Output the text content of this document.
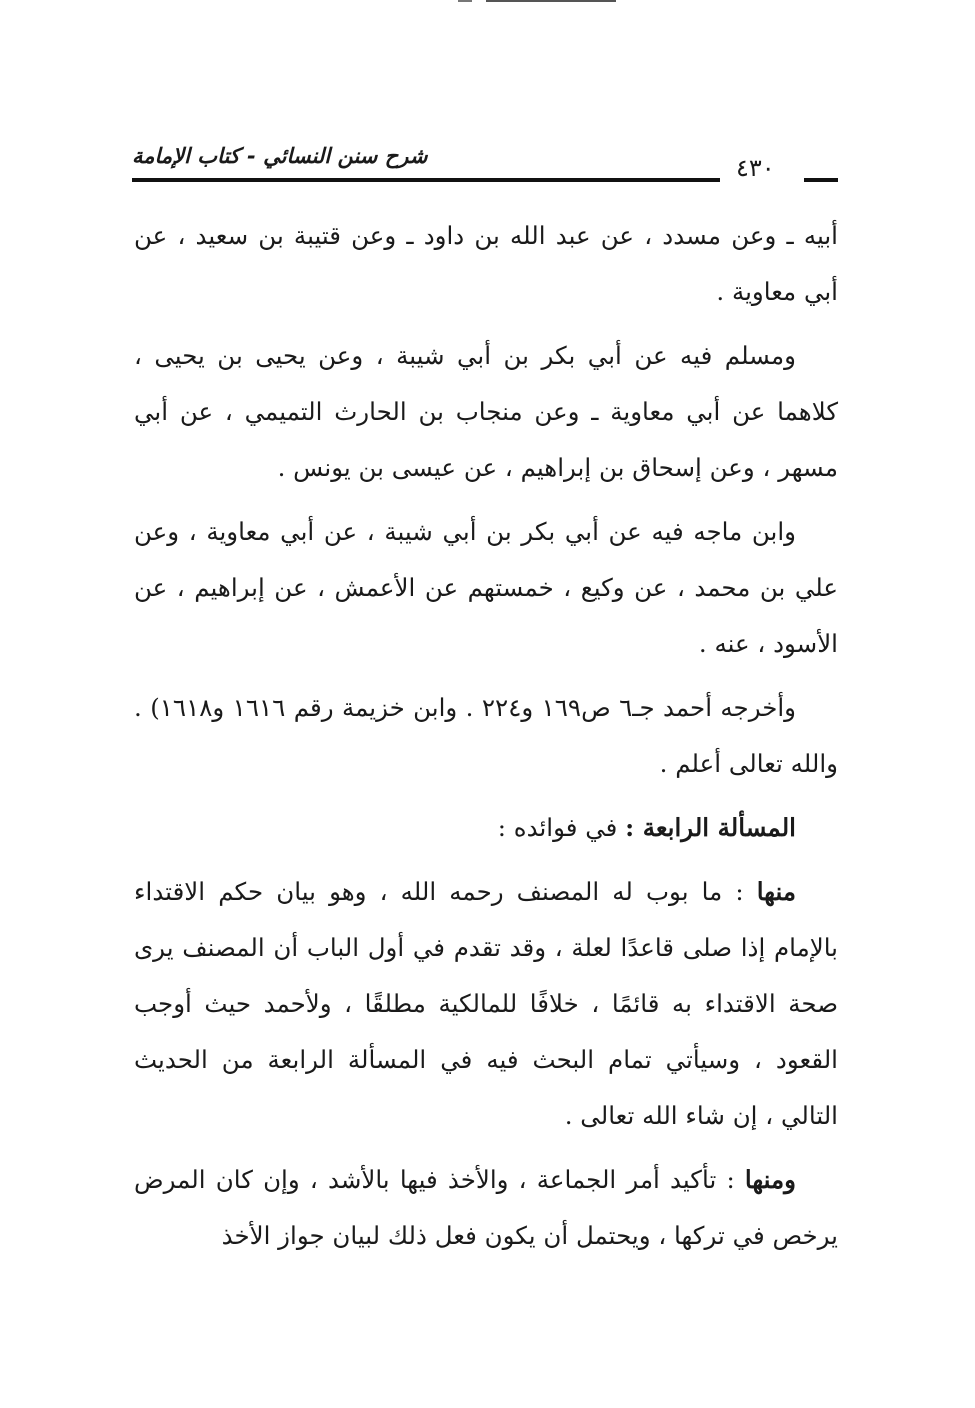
شرح سنن النسائي - كتاب الإمامة	٤٣٠

أبيه ـ وعن مسدد ، عن عبد الله بن داود ـ وعن قتيبة بن سعيد ، عن أبي معاوية .

ومسلم فيه عن أبي بكر بن أبي شيبة ، وعن يحيى بن يحيى ، كلاهما عن أبي معاوية ـ وعن منجاب بن الحارث التميمي ، عن أبي مسهر ، وعن إسحاق بن إبراهيم ، عن عيسى بن يونس .

وابن ماجه فيه عن أبي بكر بن أبي شيبة ، عن أبي معاوية ، وعن علي بن محمد ، عن وكيع ، خمستهم عن الأعمش ، عن إبراهيم ، عن الأسود ، عنه .

وأخرجه أحمد جـ٦ ص١٦٩ و٢٢٤ . وابن خزيمة رقم ١٦١٦ و١٦١٨) . والله تعالى أعلم .

المسألة الرابعة : في فوائده :

منها : ما بوب له المصنف رحمه الله ، وهو بيان حكم الاقتداء بالإمام إذا صلى قاعدًا لعلة ، وقد تقدم في أول الباب أن المصنف يرى صحة الاقتداء به قائمًا ، خلافًا للمالكية مطلقًا ، ولأحمد حيث أوجب القعود ، وسيأتي تمام البحث فيه في المسألة الرابعة من الحديث التالي ، إن شاء الله تعالى .

ومنها : تأكيد أمر الجماعة ، والأخذ فيها بالأشد ، وإن كان المرض يرخص في تركها ، ويحتمل أن يكون فعل ذلك لبيان جواز الأخذ
